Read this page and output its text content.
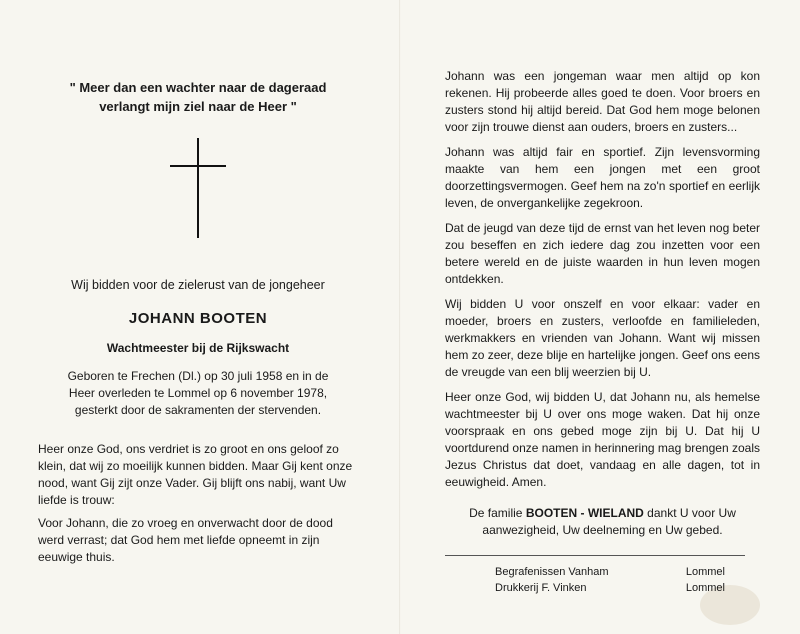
" Meer dan een wachter naar de dageraad
verlangt mijn ziel naar de Heer "

Wij bidden voor de zielerust van de jongeheer
JOHANN BOOTEN
Wachtmeester bij de Rijkswacht
Geboren te Frechen (Dl.) op 30 juli 1958 en in de
Heer overleden te Lommel op 6 november 1978,
gesterkt door de sakramenten der stervenden.

Heer onze God, ons verdriet is zo groot en ons geloof zo klein, dat wij zo moeilijk kunnen bidden. Maar Gij kent onze nood, want Gij zijt onze Vader. Gij blijft ons nabij, want Uw liefde is trouw:

Voor Johann, die zo vroeg en onverwacht door de dood werd verrast; dat God hem met liefde opneemt in zijn eeuwige thuis.

Johann was een jongeman waar men altijd op kon rekenen. Hij probeerde alles goed te doen. Voor broers en zusters stond hij altijd bereid. Dat God hem moge belonen voor zijn trouwe dienst aan ouders, broers en zusters...

Johann was altijd fair en sportief. Zijn levensvorming maakte van hem een jongen met een groot doorzettingsvermogen. Geef hem na zo'n sportief en eerlijk leven, de onvergankelijke zegekroon.

Dat de jeugd van deze tijd de ernst van het leven nog beter zou beseffen en zich iedere dag zou inzetten voor een betere wereld en de juiste waarden in hun leven mogen ontdekken.

Wij bidden U voor onszelf en voor elkaar: vader en moeder, broers en zusters, verloofde en familieleden, werkmakkers en vrienden van Johann. Want wij missen hem zo zeer, deze blije en hartelijke jongen. Geef ons eens de vreugde van een blij weerzien bij U.

Heer onze God, wij bidden U, dat Johann nu, als hemelse wachtmeester bij U over ons moge waken. Dat hij onze voorspraak en ons gebed moge zijn bij U. Dat hij U voortdurend onze namen in herinnering mag brengen zoals Jezus Christus dat doet, vandaag en alle dagen, tot in eeuwigheid. Amen.

De familie BOOTEN - WIELAND dankt U voor Uw
aanwezigheid, Uw deelneming en Uw gebed.
Begrafenissen Vanham	Lommel
Drukkerij F. Vinken	Lommel
